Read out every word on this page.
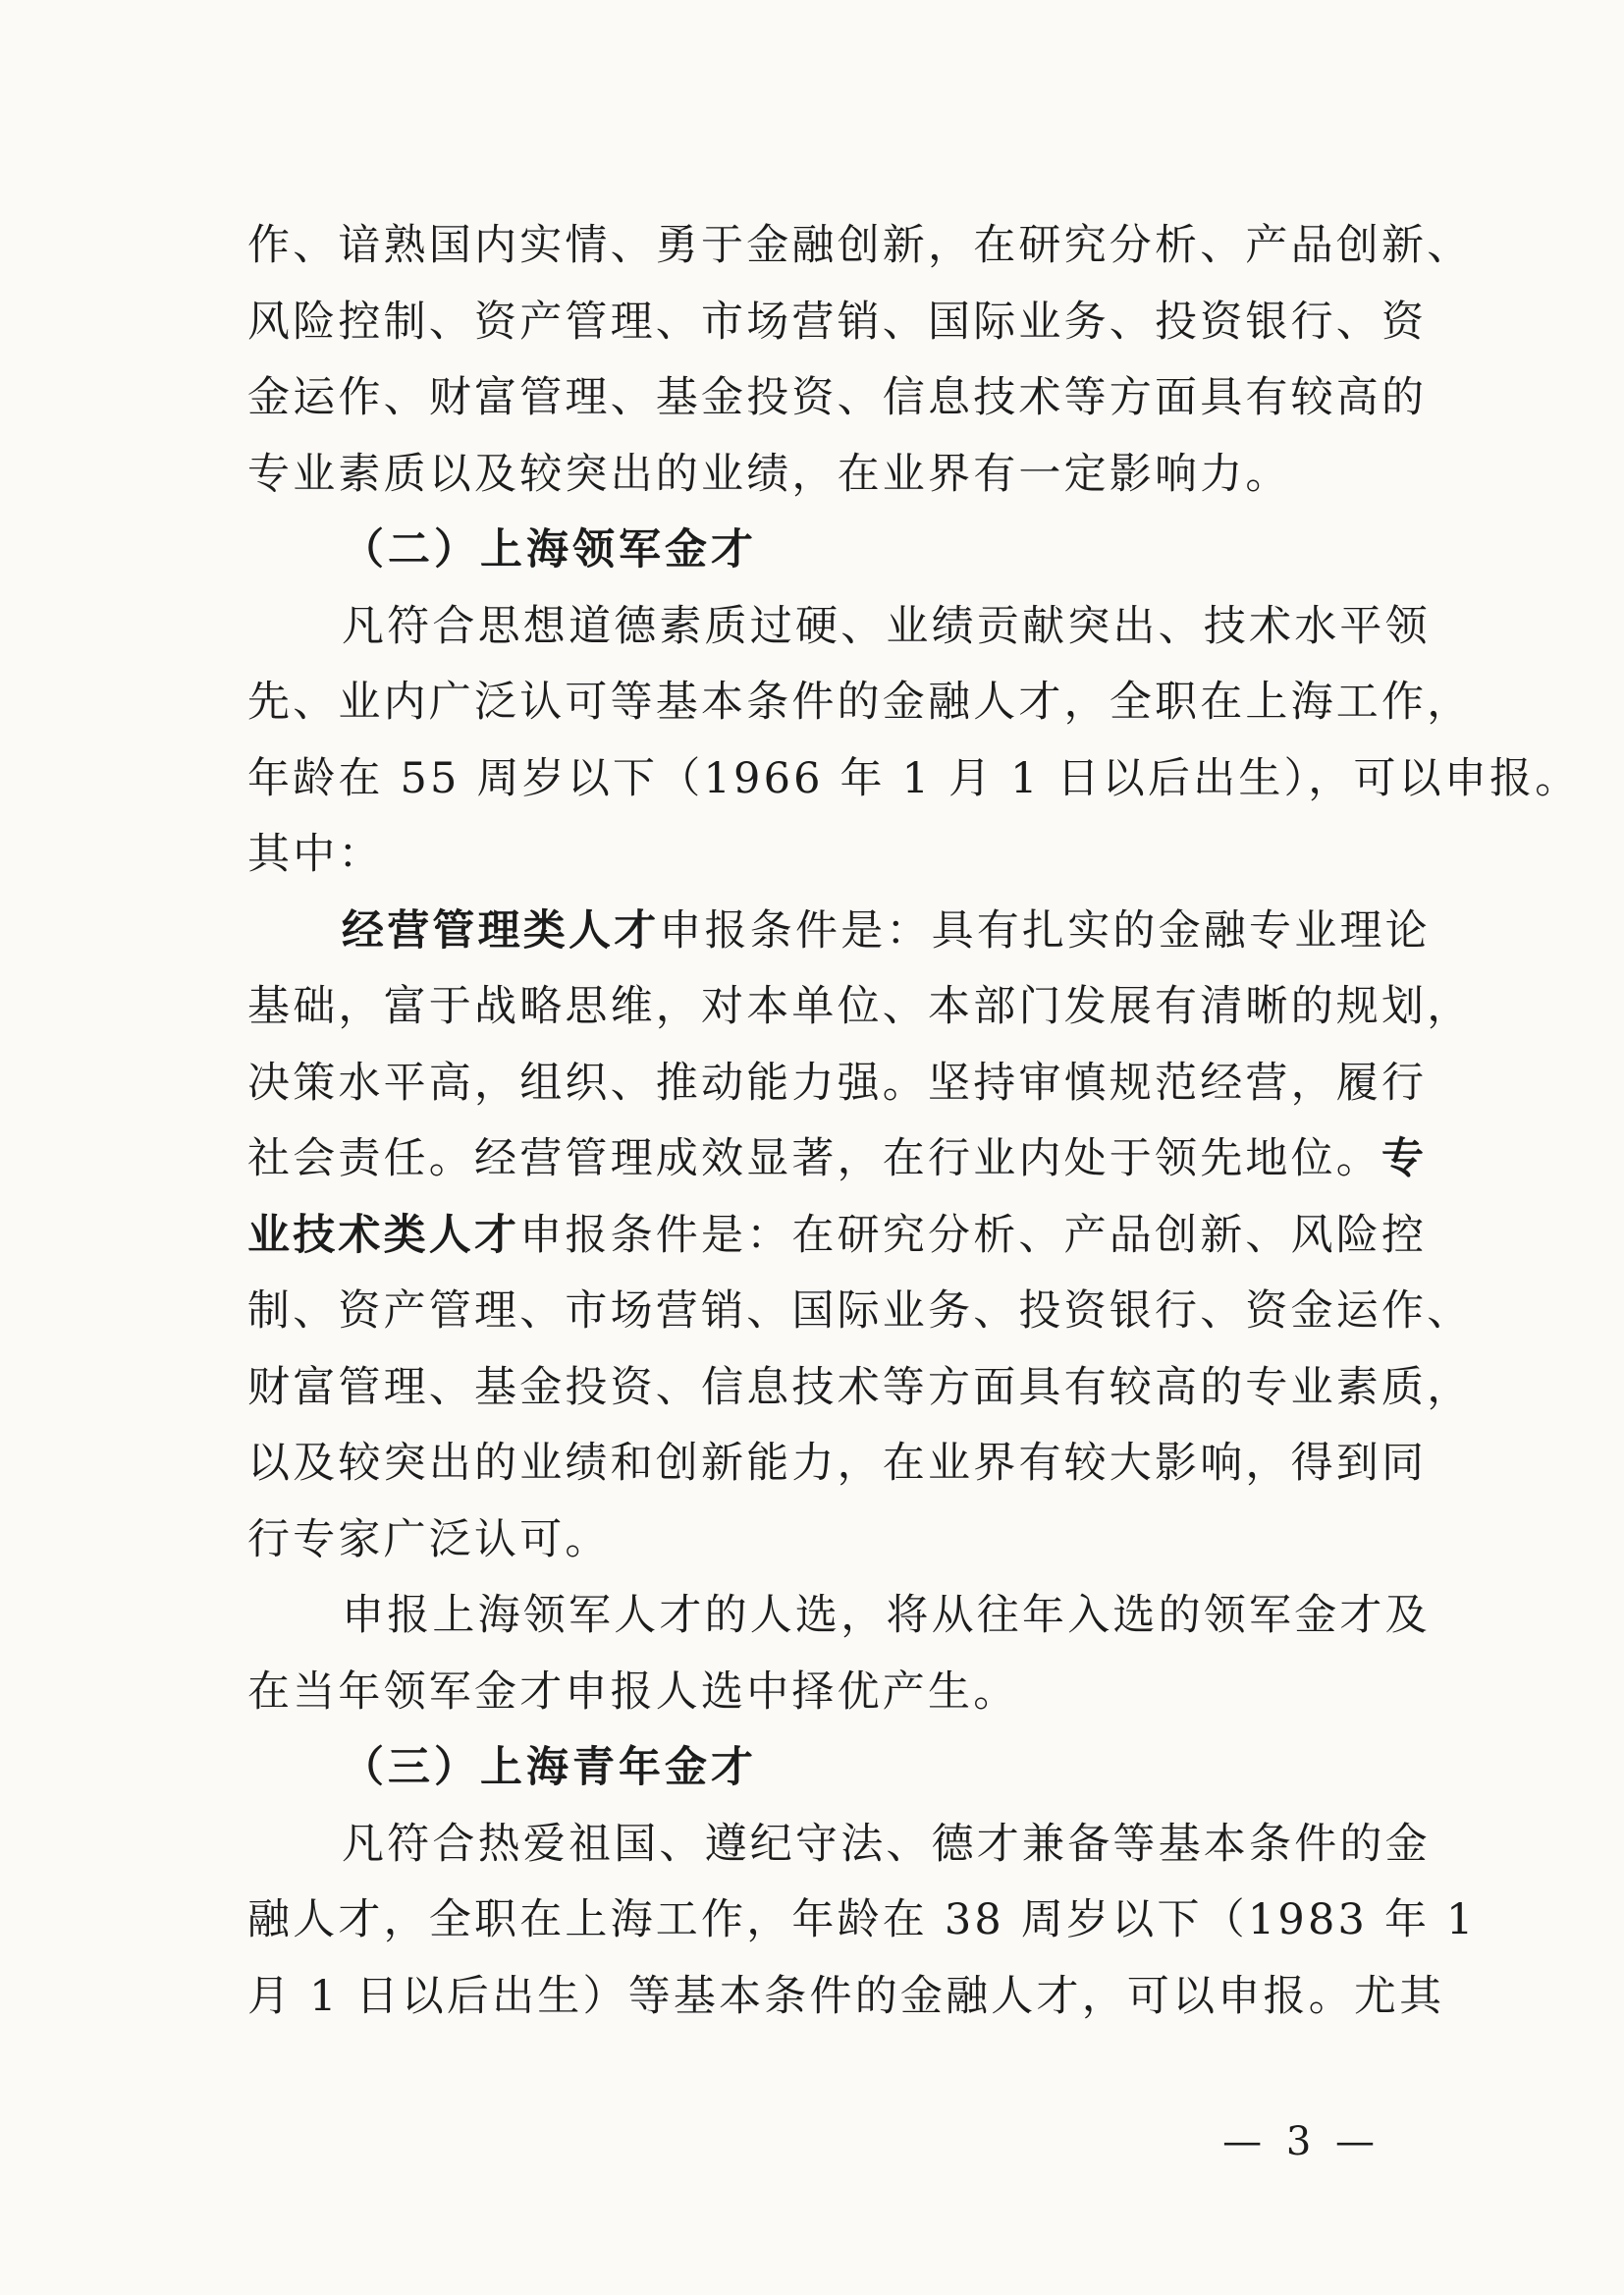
作、谙熟国内实情、勇于金融创新，在研究分析、产品创新、
风险控制、资产管理、市场营销、国际业务、投资银行、资
金运作、财富管理、基金投资、信息技术等方面具有较高的
专业素质以及较突出的业绩，在业界有一定影响力。
（二）上海领军金才
凡符合思想道德素质过硬、业绩贡献突出、技术水平领
先、业内广泛认可等基本条件的金融人才，全职在上海工作，
年龄在 55 周岁以下（1966 年 1 月 1 日以后出生），可以申报。
其中：
经营管理类人才申报条件是：具有扎实的金融专业理论
基础，富于战略思维，对本单位、本部门发展有清晰的规划，
决策水平高，组织、推动能力强。坚持审慎规范经营，履行
社会责任。经营管理成效显著，在行业内处于领先地位。专
业技术类人才申报条件是：在研究分析、产品创新、风险控
制、资产管理、市场营销、国际业务、投资银行、资金运作、
财富管理、基金投资、信息技术等方面具有较高的专业素质，
以及较突出的业绩和创新能力，在业界有较大影响，得到同
行专家广泛认可。
申报上海领军人才的人选，将从往年入选的领军金才及
在当年领军金才申报人选中择优产生。
（三）上海青年金才
凡符合热爱祖国、遵纪守法、德才兼备等基本条件的金
融人才，全职在上海工作，年龄在 38 周岁以下（1983 年 1
月 1 日以后出生）等基本条件的金融人才，可以申报。尤其
— 3 —
